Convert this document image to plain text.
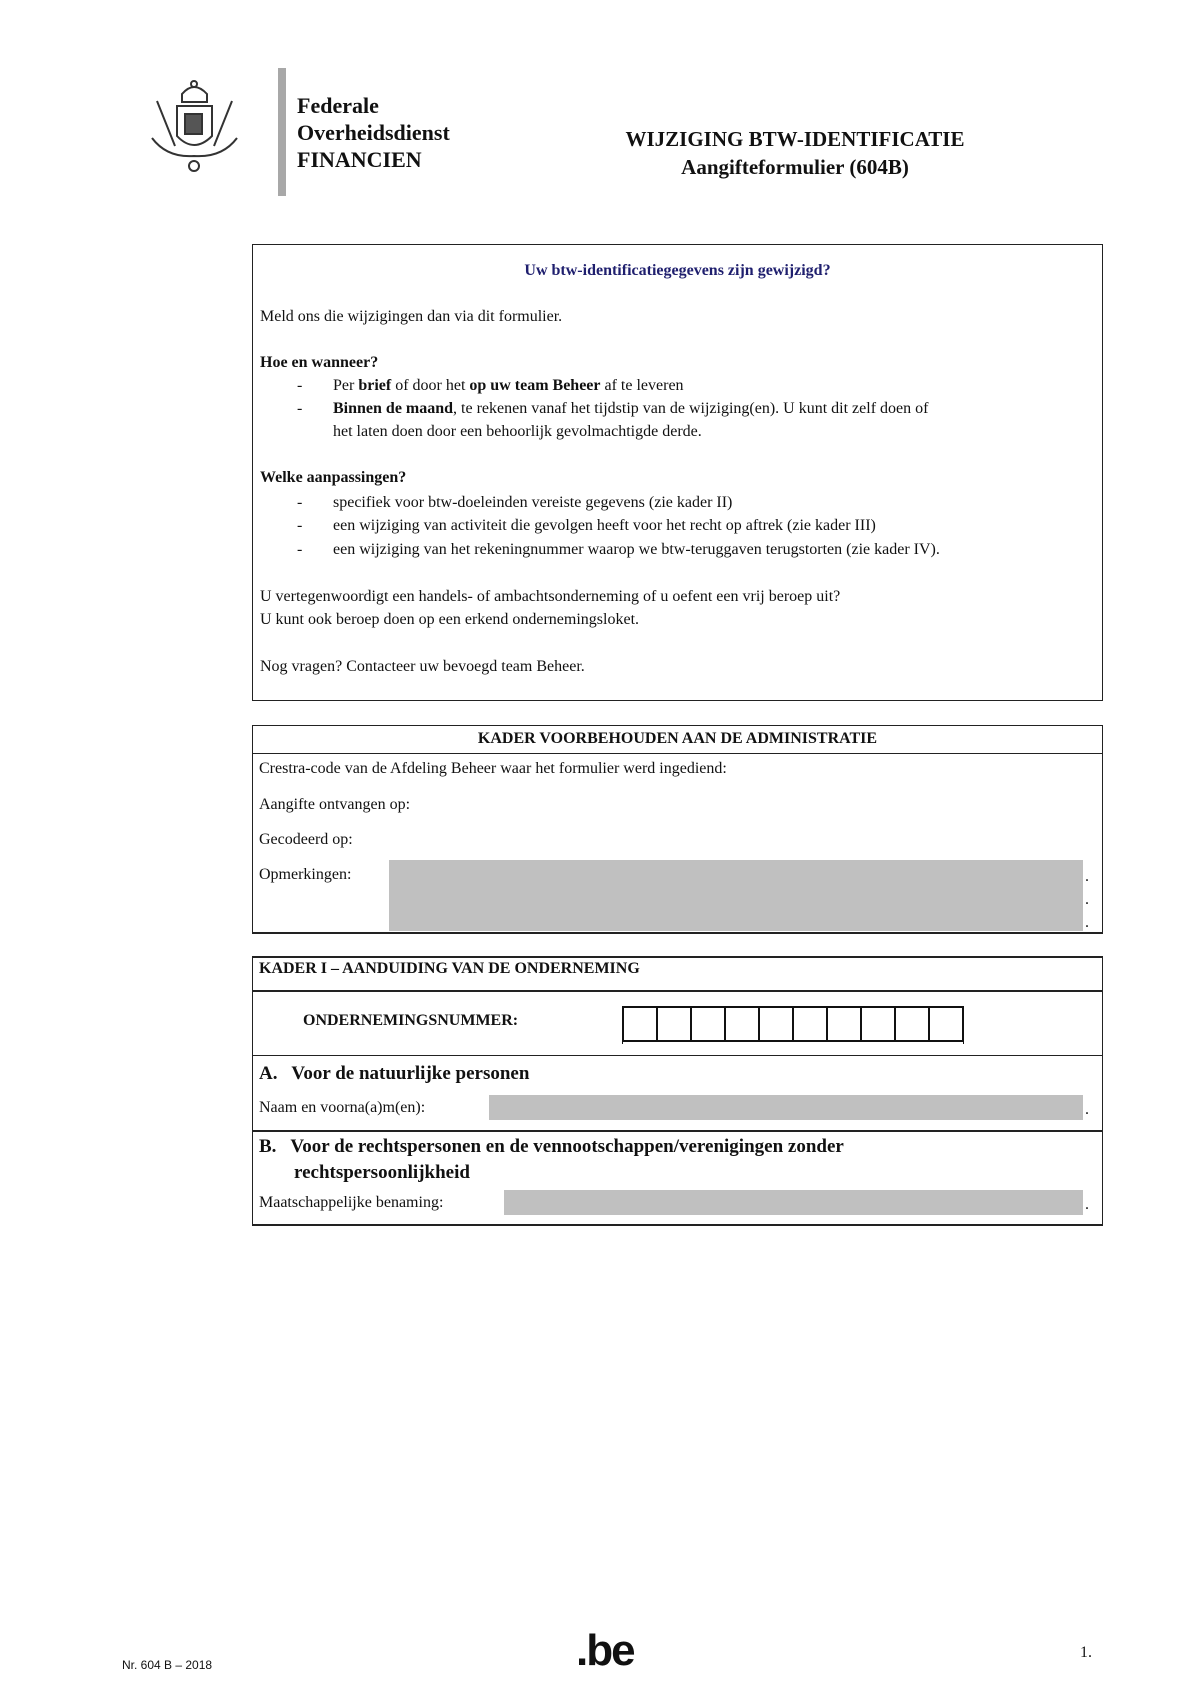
Federale
Overheidsdienst
FINANCIEN
WIJZIGING BTW-IDENTIFICATIE
Aangifteformulier (604B)
Uw btw-identificatiegegevens zijn gewijzigd?
Meld ons die wijzigingen dan via dit formulier.
Hoe en wanneer?
- Per brief of door het op uw team Beheer af te leveren
- Binnen de maand, te rekenen vanaf het tijdstip van de wijziging(en). U kunt dit zelf doen of
het laten doen door een behoorlijk gevolmachtigde derde.
Welke aanpassingen?
- specifiek voor btw-doeleinden vereiste gegevens (zie kader II)
- een wijziging van activiteit die gevolgen heeft voor het recht op aftrek (zie kader III)
- een wijziging van het rekeningnummer waarop we btw-teruggaven terugstorten (zie kader IV).
U vertegenwoordigt een handels- of ambachtsonderneming of u oefent een vrij beroep uit?
U kunt ook beroep doen op een erkend ondernemingsloket.
Nog vragen? Contacteer uw bevoegd team Beheer.
KADER VOORBEHOUDEN AAN DE ADMINISTRATIE
Crestra-code van de Afdeling Beheer waar het formulier werd ingediend:
Aangifte ontvangen op:
Gecodeerd op:
Opmerkingen:	.
.
.
KADER I – AANDUIDING VAN DE ONDERNEMING
ONDERNEMINGSNUMMER:
A.   Voor de natuurlijke personen
Naam en voorna(a)m(en):	.
B.   Voor de rechtspersonen en de vennootschappen/verenigingen zonder
rechtspersoonlijkheid
Maatschappelijke benaming:	.
Nr. 604 B – 2018	.be	1.
